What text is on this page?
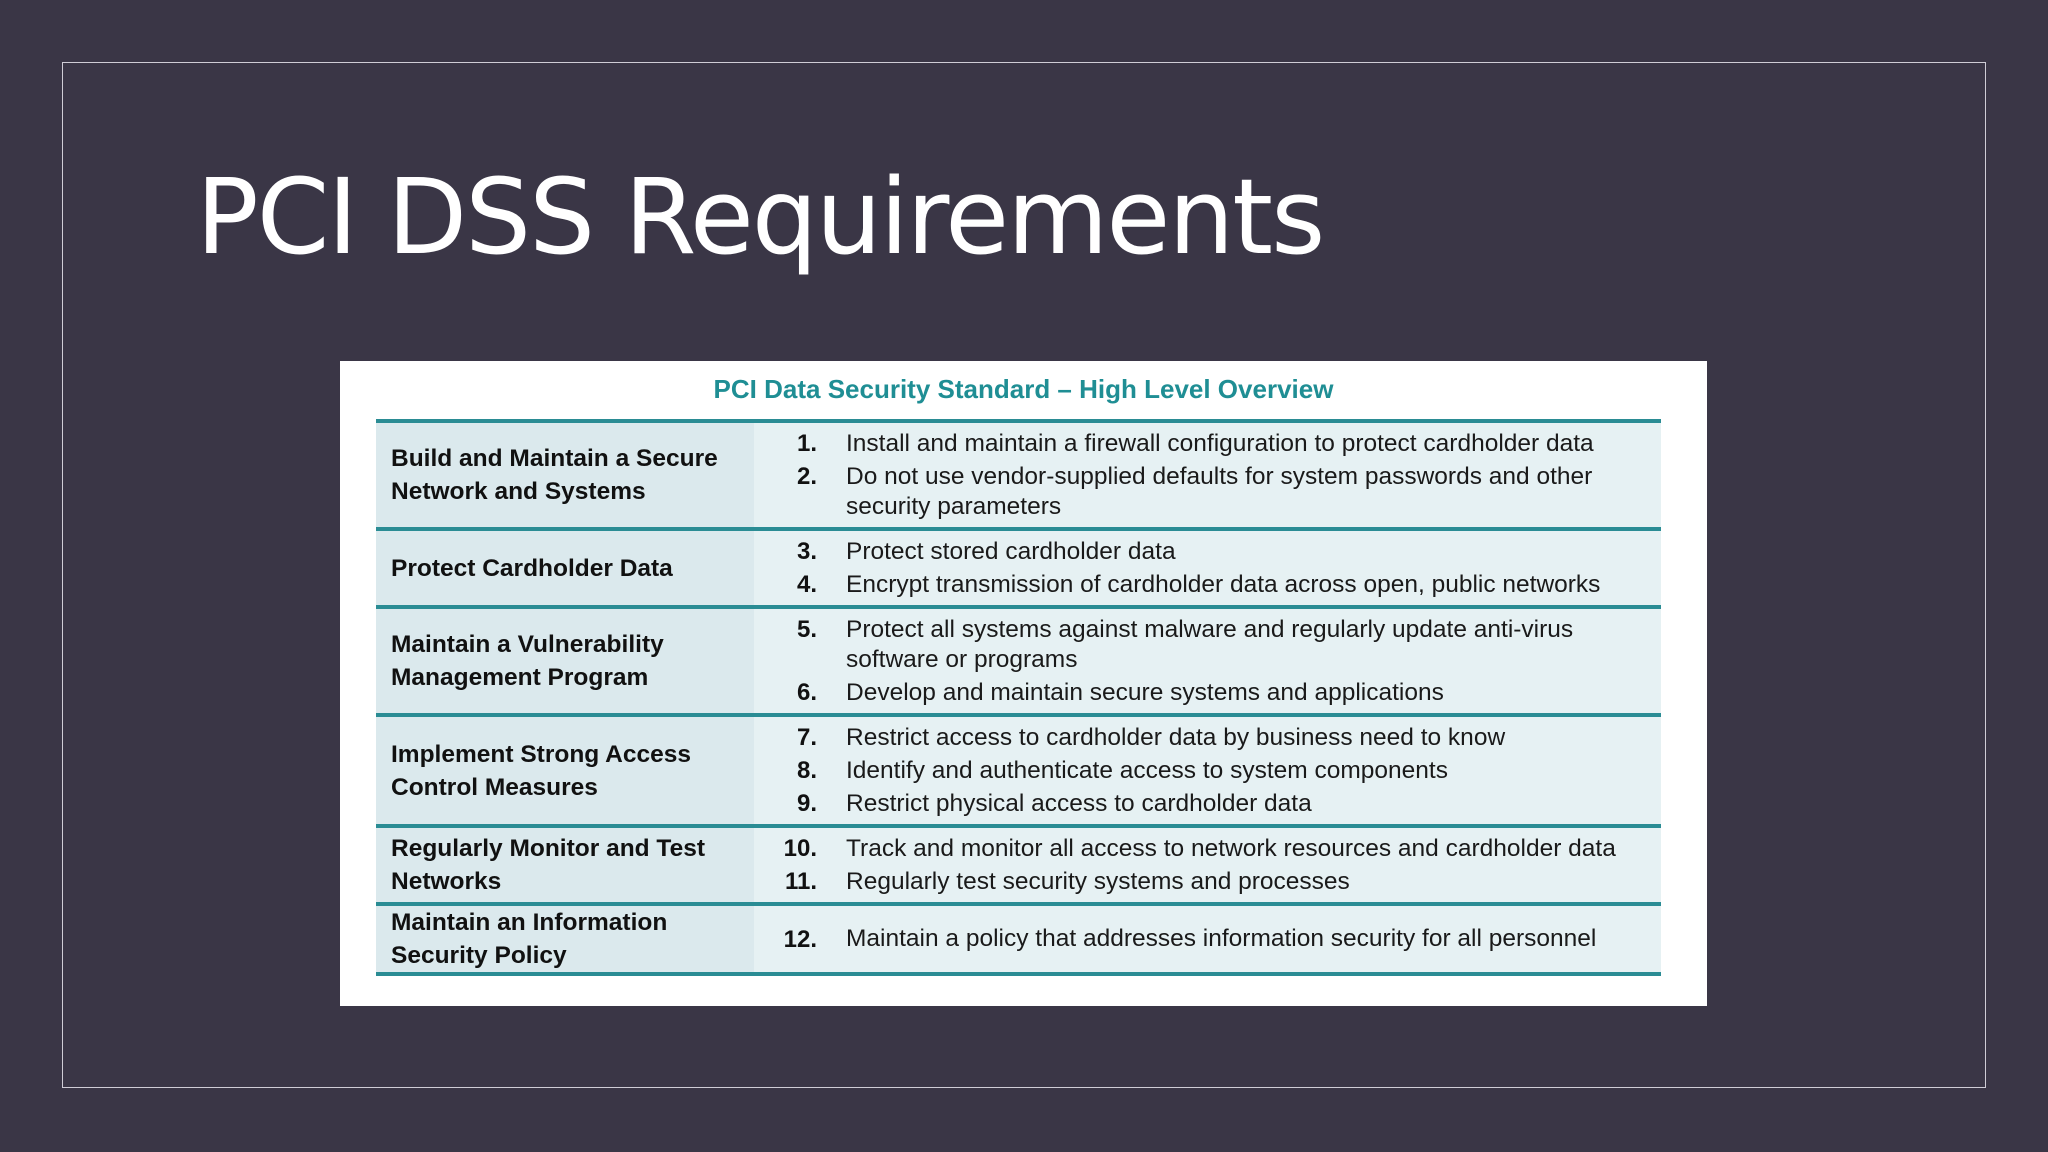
PCI DSS Requirements
PCI Data Security Standard – High Level Overview
Build and Maintain a Secure
Network and Systems
1. Install and maintain a firewall configuration to protect cardholder data
2. Do not use vendor-supplied defaults for system passwords and other security parameters
Protect Cardholder Data
3. Protect stored cardholder data
4. Encrypt transmission of cardholder data across open, public networks
Maintain a Vulnerability
Management Program
5. Protect all systems against malware and regularly update anti-virus software or programs
6. Develop and maintain secure systems and applications
Implement Strong Access
Control Measures
7. Restrict access to cardholder data by business need to know
8. Identify and authenticate access to system components
9. Restrict physical access to cardholder data
Regularly Monitor and Test
Networks
10. Track and monitor all access to network resources and cardholder data
11. Regularly test security systems and processes
Maintain an Information
Security Policy
12. Maintain a policy that addresses information security for all personnel
